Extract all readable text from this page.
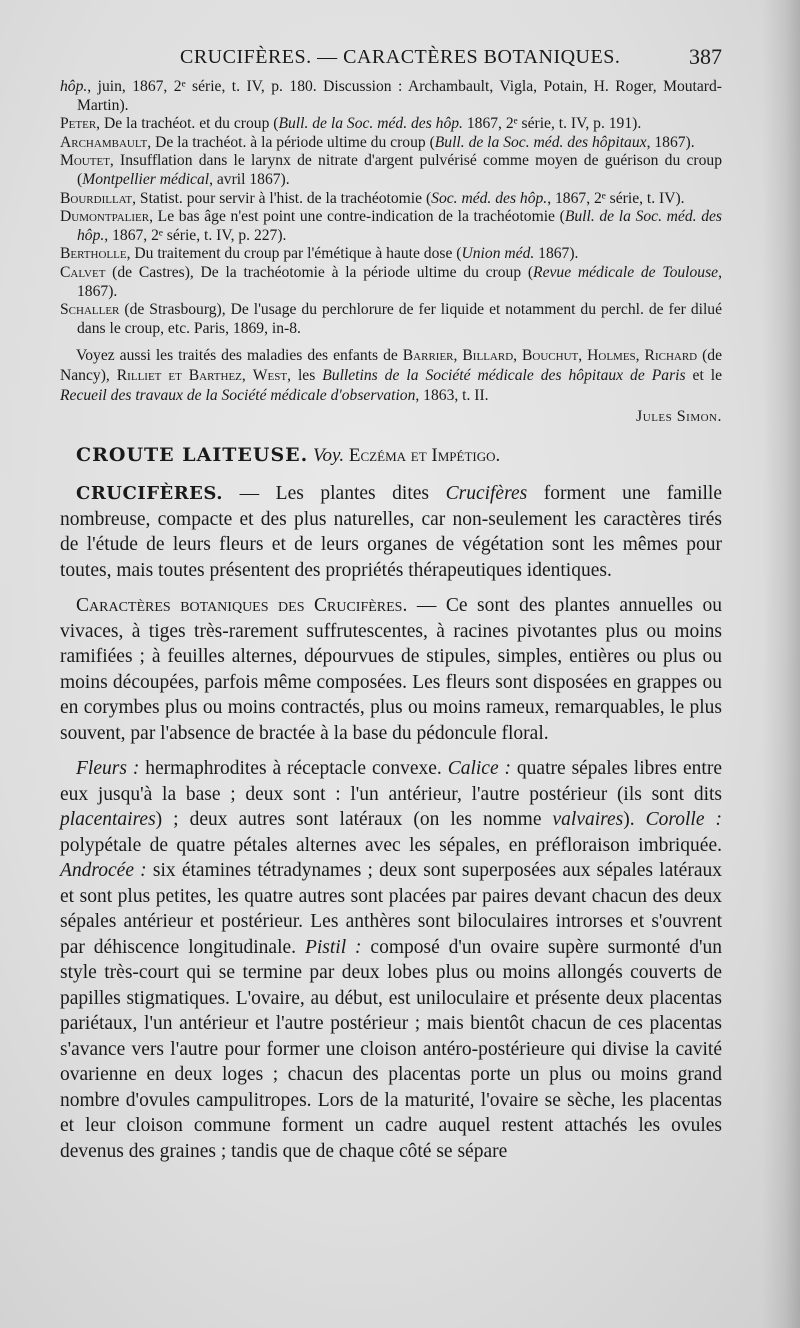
CRUCIFÈRES. — CARACTÈRES BOTANIQUES.	387

hôp., juin, 1867, 2ᵉ série, t. IV, p. 180. Discussion : Archambault, Vigla, Potain, H. Roger, Moutard-Martin).

Peter, De la trachéot. et du croup (Bull. de la Soc. méd. des hôp. 1867, 2ᵉ série, t. IV, p. 191).

Archambault, De la trachéot. à la période ultime du croup (Bull. de la Soc. méd. des hôpitaux, 1867).

Moutet, Insufflation dans le larynx de nitrate d'argent pulvérisé comme moyen de guérison du croup (Montpellier médical, avril 1867).

Bourdillat, Statist. pour servir à l'hist. de la trachéotomie (Soc. méd. des hôp., 1867, 2ᵉ série, t. IV).

Dumontpalier, Le bas âge n'est point une contre-indication de la trachéotomie (Bull. de la Soc. méd. des hôp., 1867, 2ᵉ série, t. IV, p. 227).

Bertholle, Du traitement du croup par l'émétique à haute dose (Union méd. 1867).

Calvet (de Castres), De la trachéotomie à la période ultime du croup (Revue médicale de Toulouse, 1867).

Schaller (de Strasbourg), De l'usage du perchlorure de fer liquide et notamment du perchl. de fer dilué dans le croup, etc. Paris, 1869, in-8.

Voyez aussi les traités des maladies des enfants de Barrier, Billard, Bouchut, Holmes, Richard (de Nancy), Rilliet et Barthez, West, les Bulletins de la Société médicale des hôpitaux de Paris et le Recueil des travaux de la Société médicale d'observation, 1863, t. II.

Jules Simon.

CROUTE LAITEUSE. Voy. Eczéma et Impétigo.

CRUCIFÈRES. — Les plantes dites Crucifères forment une famille nombreuse, compacte et des plus naturelles, car non-seulement les caractères tirés de l'étude de leurs fleurs et de leurs organes de végétation sont les mêmes pour toutes, mais toutes présentent des propriétés thérapeutiques identiques.

Caractères botaniques des Crucifères. — Ce sont des plantes annuelles ou vivaces, à tiges très-rarement suffrutescentes, à racines pivotantes plus ou moins ramifiées ; à feuilles alternes, dépourvues de stipules, simples, entières ou plus ou moins découpées, parfois même composées. Les fleurs sont disposées en grappes ou en corymbes plus ou moins contractés, plus ou moins rameux, remarquables, le plus souvent, par l'absence de bractée à la base du pédoncule floral.

Fleurs : hermaphrodites à réceptacle convexe. Calice : quatre sépales libres entre eux jusqu'à la base ; deux sont : l'un antérieur, l'autre postérieur (ils sont dits placentaires) ; deux autres sont latéraux (on les nomme valvaires). Corolle : polypétale de quatre pétales alternes avec les sépales, en préfloraison imbriquée. Androcée : six étamines tétradynames ; deux sont superposées aux sépales latéraux et sont plus petites, les quatre autres sont placées par paires devant chacun des deux sépales antérieur et postérieur. Les anthères sont biloculaires introrses et s'ouvrent par déhiscence longitudinale. Pistil : composé d'un ovaire supère surmonté d'un style très-court qui se termine par deux lobes plus ou moins allongés couverts de papilles stigmatiques. L'ovaire, au début, est uniloculaire et présente deux placentas pariétaux, l'un antérieur et l'autre postérieur ; mais bientôt chacun de ces placentas s'avance vers l'autre pour former une cloison antéro-postérieure qui divise la cavité ovarienne en deux loges ; chacun des placentas porte un plus ou moins grand nombre d'ovules campulitropes. Lors de la maturité, l'ovaire se sèche, les placentas et leur cloison commune forment un cadre auquel restent attachés les ovules devenus des graines ; tandis que de chaque côté se sépare
